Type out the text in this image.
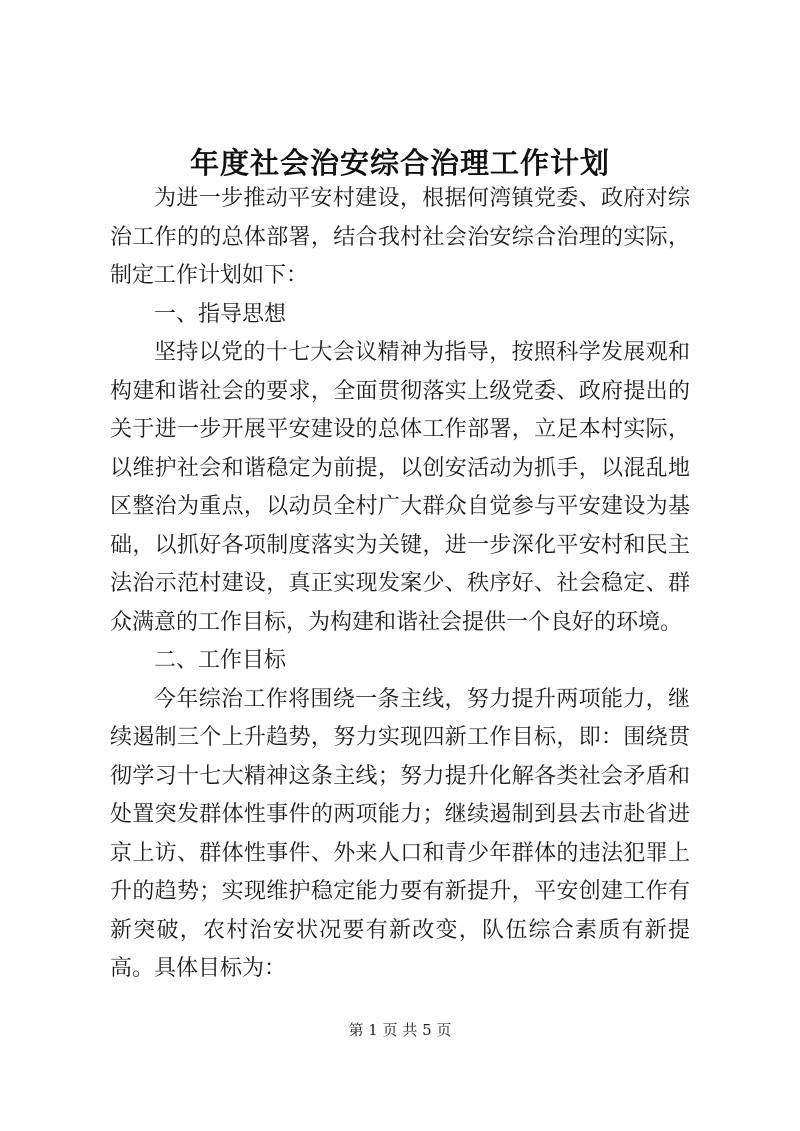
年度社会治安综合治理工作计划

为进一步推动平安村建设，根据何湾镇党委、政府对综治工作的的总体部署，结合我村社会治安综合治理的实际，制定工作计划如下：

一、指导思想

坚持以党的十七大会议精神为指导，按照科学发展观和构建和谐社会的要求，全面贯彻落实上级党委、政府提出的关于进一步开展平安建设的总体工作部署，立足本村实际，以维护社会和谐稳定为前提，以创安活动为抓手，以混乱地区整治为重点，以动员全村广大群众自觉参与平安建设为基础，以抓好各项制度落实为关键，进一步深化平安村和民主法治示范村建设，真正实现发案少、秩序好、社会稳定、群众满意的工作目标，为构建和谐社会提供一个良好的环境。

二、工作目标

今年综治工作将围绕一条主线，努力提升两项能力，继续遏制三个上升趋势，努力实现四新工作目标，即：围绕贯彻学习十七大精神这条主线；努力提升化解各类社会矛盾和处置突发群体性事件的两项能力；继续遏制到县去市赴省进京上访、群体性事件、外来人口和青少年群体的违法犯罪上升的趋势；实现维护稳定能力要有新提升，平安创建工作有新突破，农村治安状况要有新改变，队伍综合素质有新提高。具体目标为：

第 1 页 共 5 页
